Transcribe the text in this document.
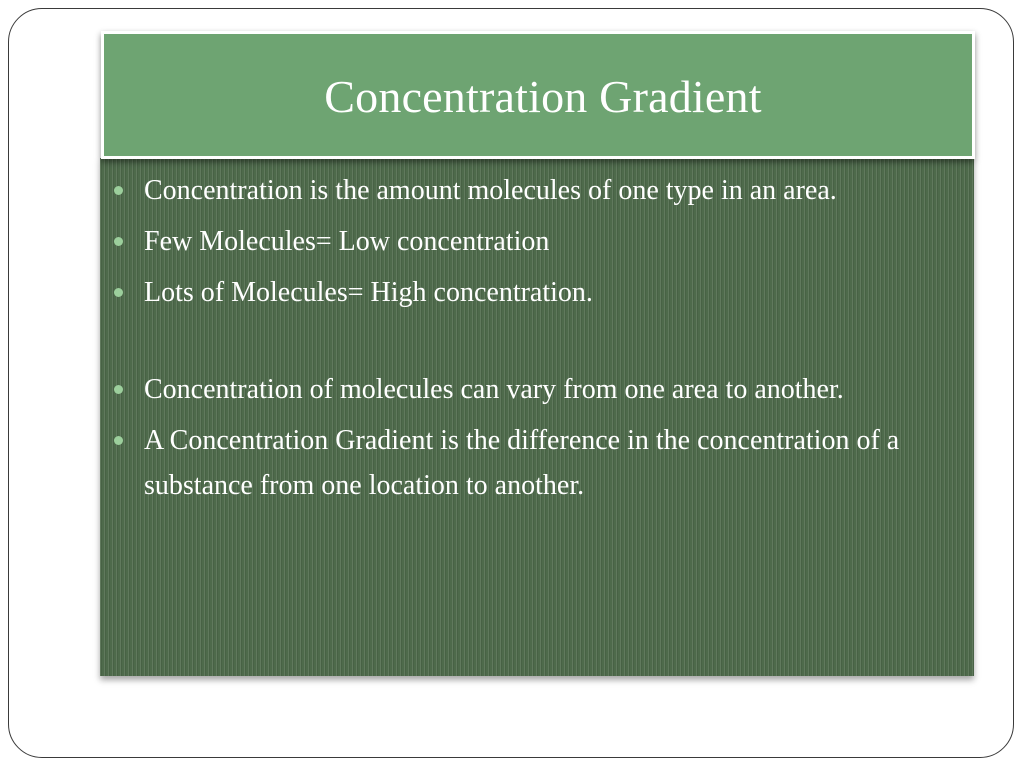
Concentration Gradient
Concentration is the amount molecules of one type in an area.
Few Molecules= Low concentration
Lots of Molecules= High concentration.
Concentration of molecules can vary from one area to another.
A Concentration Gradient is the difference in the concentration of a substance from one location to another.
